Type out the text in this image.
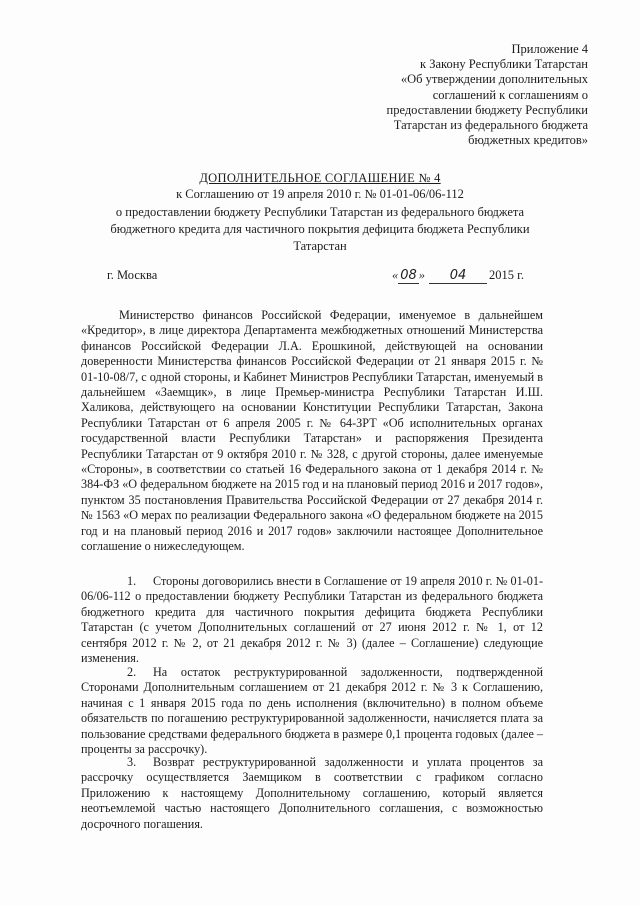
Приложение 4
к Закону Республики Татарстан
«Об утверждении дополнительных
соглашений к соглашениям о
предоставлении бюджету Республики
Татарстан из федерального бюджета
бюджетных кредитов»
ДОПОЛНИТЕЛЬНОЕ СОГЛАШЕНИЕ № 4
к Соглашению от 19 апреля 2010 г. № 01-01-06/06-112
о предоставлении бюджету Республики Татарстан из федерального бюджета бюджетного кредита для частичного покрытия дефицита бюджета Республики Татарстан
г. Москва	« 08 » 04 2015 г.
Министерство финансов Российской Федерации, именуемое в дальнейшем «Кредитор», в лице директора Департамента межбюджетных отношений Министерства финансов Российской Федерации Л.А. Ерошкиной, действующей на основании доверенности Министерства финансов Российской Федерации от 21 января 2015 г. № 01-10-08/7, с одной стороны, и Кабинет Министров Республики Татарстан, именуемый в дальнейшем «Заемщик», в лице Премьер-министра Республики Татарстан И.Ш. Халикова, действующего на основании Конституции Республики Татарстан, Закона Республики Татарстан от 6 апреля 2005 г. № 64-ЗРТ «Об исполнительных органах государственной власти Республики Татарстан» и распоряжения Президента Республики Татарстан от 9 октября 2010 г. № 328, с другой стороны, далее именуемые «Стороны», в соответствии со статьей 16 Федерального закона от 1 декабря 2014 г. № 384-ФЗ «О федеральном бюджете на 2015 год и на плановый период 2016 и 2017 годов», пунктом 35 постановления Правительства Российской Федерации от 27 декабря 2014 г. № 1563 «О мерах по реализации Федерального закона «О федеральном бюджете на 2015 год и на плановый период 2016 и 2017 годов» заключили настоящее Дополнительное соглашение о нижеследующем.
1. Стороны договорились внести в Соглашение от 19 апреля 2010 г. № 01-01-06/06-112 о предоставлении бюджету Республики Татарстан из федерального бюджета бюджетного кредита для частичного покрытия дефицита бюджета Республики Татарстан (с учетом Дополнительных соглашений от 27 июня 2012 г. № 1, от 12 сентября 2012 г. № 2, от 21 декабря 2012 г. № 3) (далее – Соглашение) следующие изменения.
2. На остаток реструктурированной задолженности, подтвержденной Сторонами Дополнительным соглашением от 21 декабря 2012 г. № 3 к Соглашению, начиная с 1 января 2015 года по день исполнения (включительно) в полном объеме обязательств по погашению реструктурированной задолженности, начисляется плата за пользование средствами федерального бюджета в размере 0,1 процента годовых (далее – проценты за рассрочку).
3. Возврат реструктурированной задолженности и уплата процентов за рассрочку осуществляется Заемщиком в соответствии с графиком согласно Приложению к настоящему Дополнительному соглашению, который является неотъемлемой частью настоящего Дополнительного соглашения, с возможностью досрочного погашения.
